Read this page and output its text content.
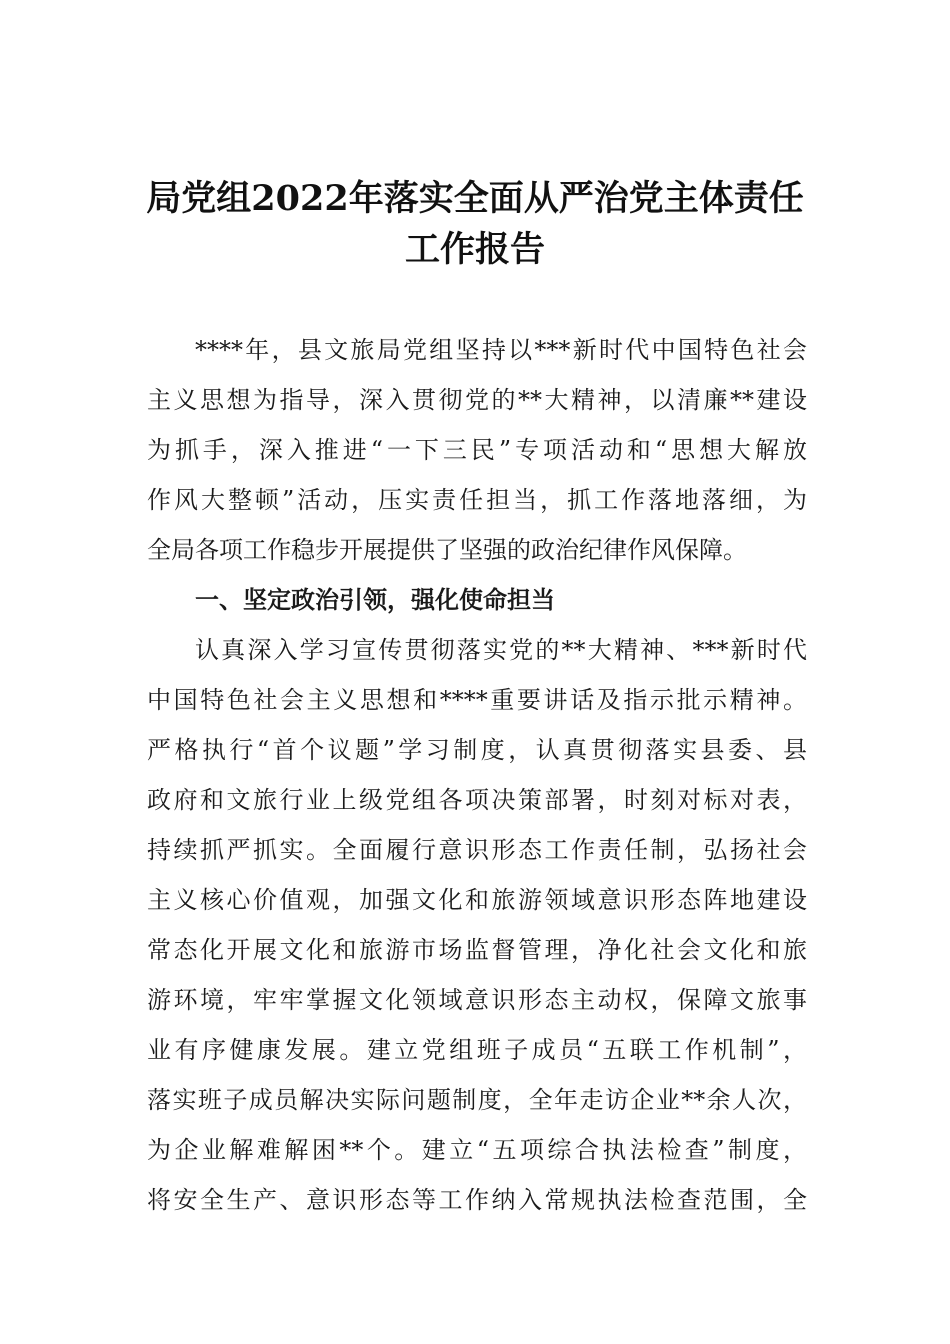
局党组2022年落实全面从严治党主体责任
工作报告
****年，县文旅局党组坚持以***新时代中国特色社会
主义思想为指导，深入贯彻党的**大精神，以清廉**建设
为抓手，深入推进“一下三民”专项活动和“思想大解放
作风大整顿”活动，压实责任担当，抓工作落地落细，为
全局各项工作稳步开展提供了坚强的政治纪律作风保障。
一、坚定政治引领，强化使命担当
认真深入学习宣传贯彻落实党的**大精神、***新时代
中国特色社会主义思想和****重要讲话及指示批示精神。
严格执行“首个议题”学习制度，认真贯彻落实县委、县
政府和文旅行业上级党组各项决策部署，时刻对标对表，
持续抓严抓实。全面履行意识形态工作责任制，弘扬社会
主义核心价值观，加强文化和旅游领域意识形态阵地建设
常态化开展文化和旅游市场监督管理，净化社会文化和旅
游环境，牢牢掌握文化领域意识形态主动权，保障文旅事
业有序健康发展。建立党组班子成员“五联工作机制”，
落实班子成员解决实际问题制度，全年走访企业**余人次，
为企业解难解困**个。建立“五项综合执法检查”制度，
将安全生产、意识形态等工作纳入常规执法检查范围，全
